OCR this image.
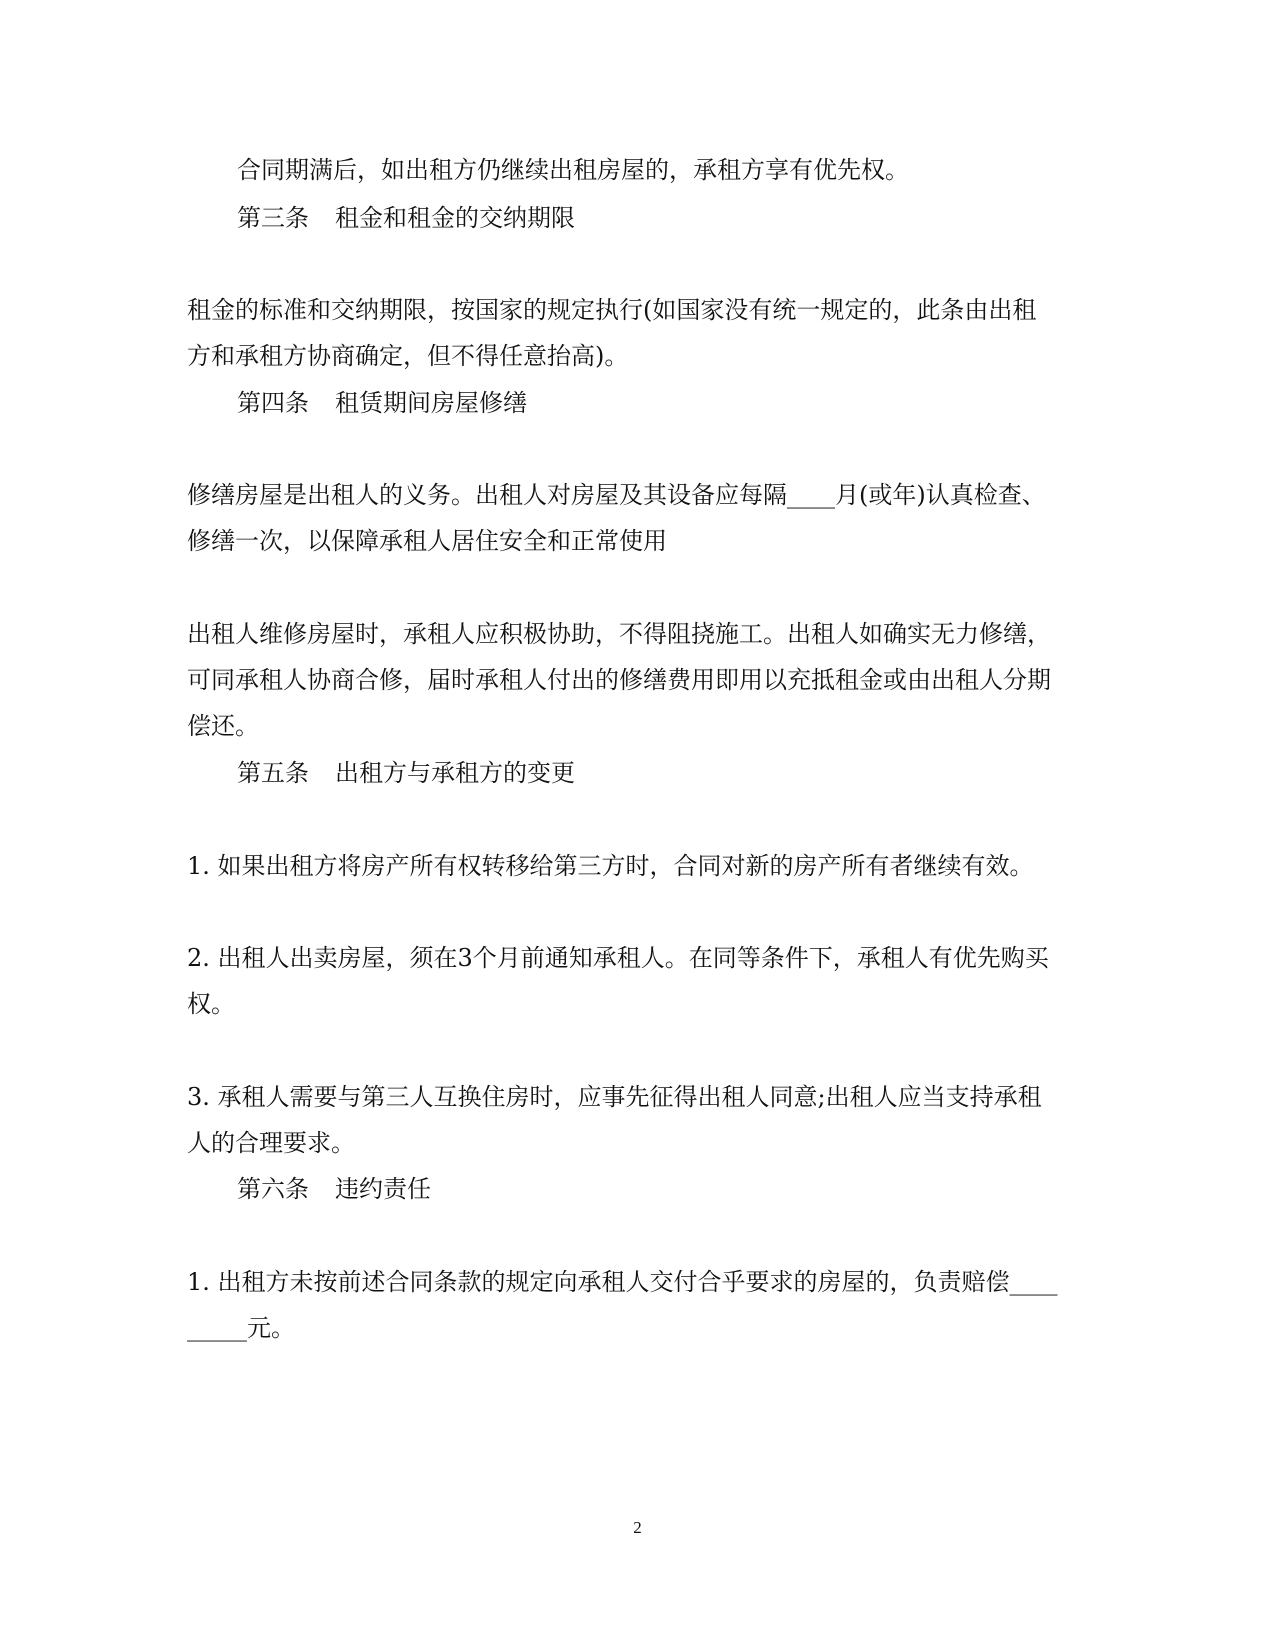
合同期满后，如出租方仍继续出租房屋的，承租方享有优先权。
第三条 租金和租金的交纳期限
租金的标准和交纳期限，按国家的规定执行(如国家没有统一规定的，此条由出租
方和承租方协商确定，但不得任意抬高)。
第四条 租赁期间房屋修缮
修缮房屋是出租人的义务。出租人对房屋及其设备应每隔____月(或年)认真检查、
修缮一次，以保障承租人居住安全和正常使用
出租人维修房屋时，承租人应积极协助，不得阻挠施工。出租人如确实无力修缮，
可同承租人协商合修，届时承租人付出的修缮费用即用以充抵租金或由出租人分期
偿还。
第五条 出租方与承租方的变更
1. 如果出租方将房产所有权转移给第三方时，合同对新的房产所有者继续有效。
2. 出租人出卖房屋，须在3个月前通知承租人。在同等条件下，承租人有优先购买
权。
3. 承租人需要与第三人互换住房时，应事先征得出租人同意;出租人应当支持承租
人的合理要求。
第六条 违约责任
1. 出租方未按前述合同条款的规定向承租人交付合乎要求的房屋的，负责赔偿____
_____元。
2
